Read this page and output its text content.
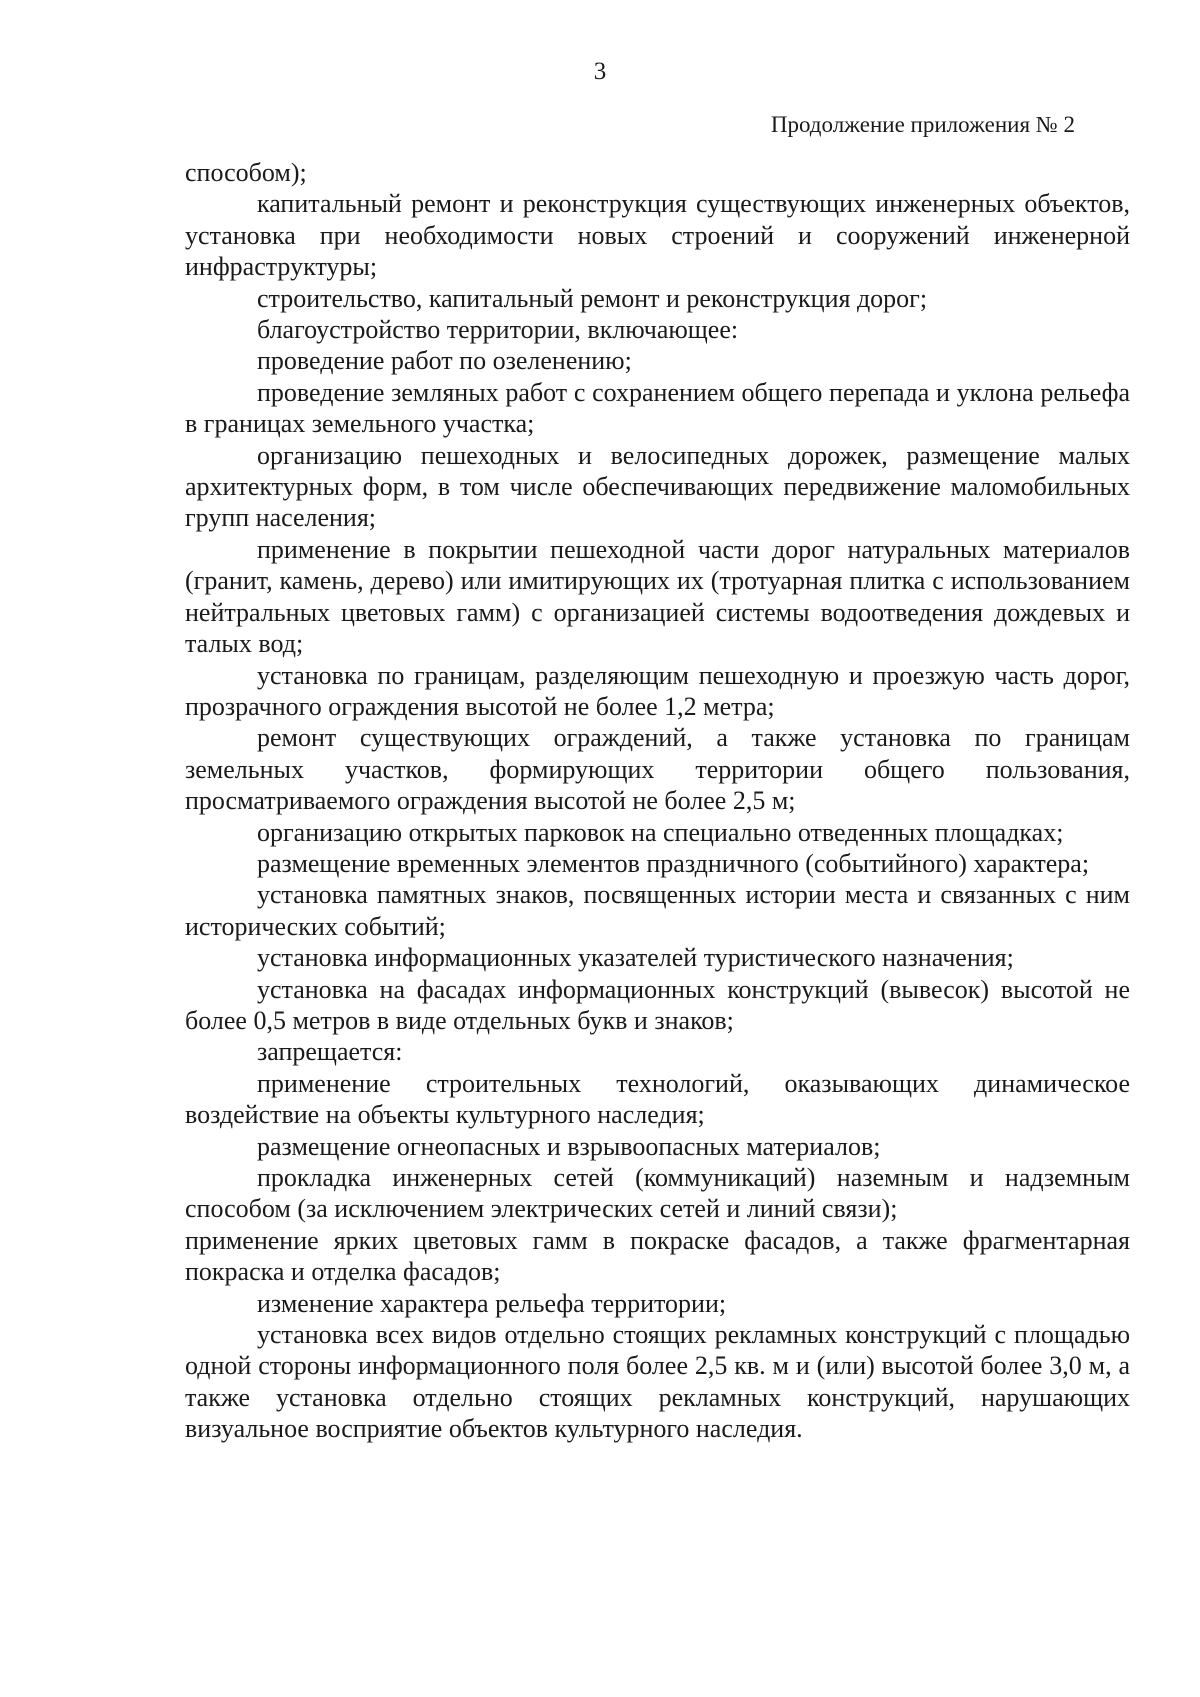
3
Продолжение приложения № 2

способом);

капитальный ремонт и реконструкция существующих инженерных объектов, установка при необходимости новых строений и сооружений инженерной инфраструктуры;

строительство, капитальный ремонт и реконструкция дорог;

благоустройство территории, включающее:

проведение работ по озеленению;

проведение земляных работ с сохранением общего перепада и уклона рельефа в границах земельного участка;

организацию пешеходных и велосипедных дорожек, размещение малых архитектурных форм, в том числе обеспечивающих передвижение маломобильных групп населения;

применение в покрытии пешеходной части дорог натуральных материалов (гранит, камень, дерево) или имитирующих их (тротуарная плитка с использованием нейтральных цветовых гамм) с организацией системы водоотведения дождевых и талых вод;

установка по границам, разделяющим пешеходную и проезжую часть дорог, прозрачного ограждения высотой не более 1,2 метра;

ремонт существующих ограждений, а также установка по границам земельных участков, формирующих территории общего пользования, просматриваемого ограждения высотой не более 2,5 м;

организацию открытых парковок на специально отведенных площадках;

размещение временных элементов праздничного (событийного) характера;

установка памятных знаков, посвященных истории места и связанных с ним исторических событий;

установка информационных указателей туристического назначения;

установка на фасадах информационных конструкций (вывесок) высотой не более 0,5 метров в виде отдельных букв и знаков;

запрещается:

применение строительных технологий, оказывающих динамическое воздействие на объекты культурного наследия;

размещение огнеопасных и взрывоопасных материалов;

прокладка инженерных сетей (коммуникаций) наземным и надземным способом (за исключением электрических сетей и линий связи);

применение ярких цветовых гамм в покраске фасадов, а также фрагментарная покраска и отделка фасадов;

изменение характера рельефа территории;

установка всех видов отдельно стоящих рекламных конструкций с площадью одной стороны информационного поля более 2,5 кв. м и (или) высотой более 3,0 м, а также установка отдельно стоящих рекламных конструкций, нарушающих визуальное восприятие объектов культурного наследия.
